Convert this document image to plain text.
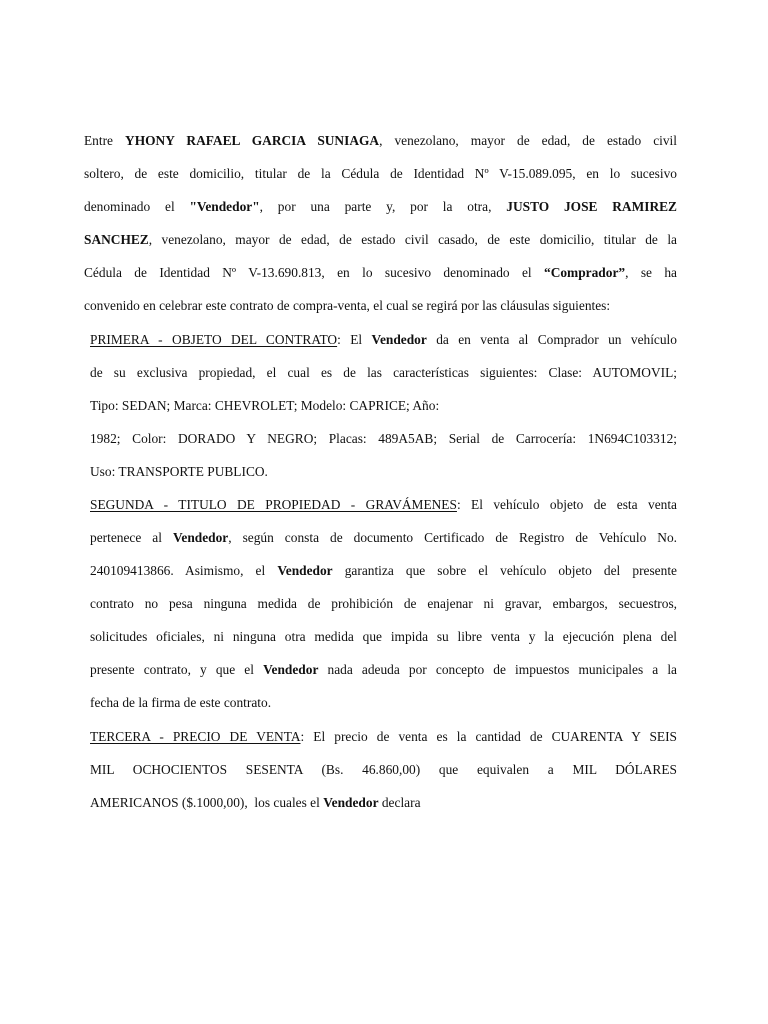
Entre YHONY RAFAEL GARCIA SUNIAGA, venezolano, mayor de edad, de estado civil
soltero, de este domicilio, titular de la Cédula de Identidad Nº V-15.089.095, en lo sucesivo
denominado el "Vendedor", por una parte y, por la otra, JUSTO JOSE RAMIREZ
SANCHEZ, venezolano, mayor de edad, de estado civil casado, de este domicilio, titular de la
Cédula de Identidad Nº V-13.690.813, en lo sucesivo denominado el “Comprador”, se ha
convenido en celebrar este contrato de compra-venta, el cual se regirá por las cláusulas siguientes:
PRIMERA - OBJETO DEL CONTRATO: El Vendedor da en venta al Comprador un vehículo
de su exclusiva propiedad, el cual es de las características siguientes: Clase: AUTOMOVIL;
Tipo: SEDAN; Marca: CHEVROLET; Modelo: CAPRICE; Año:
1982; Color: DORADO Y NEGRO; Placas: 489A5AB; Serial de Carrocería: 1N694C103312;
Uso: TRANSPORTE PUBLICO.
SEGUNDA - TITULO DE PROPIEDAD - GRAVÁMENES: El vehículo objeto de esta venta
pertenece al Vendedor, según consta de documento Certificado de Registro de Vehículo No.
240109413866. Asimismo, el Vendedor garantiza que sobre el vehículo objeto del presente
contrato no pesa ninguna medida de prohibición de enajenar ni gravar, embargos, secuestros,
solicitudes oficiales, ni ninguna otra medida que impida su libre venta y la ejecución plena del
presente contrato, y que el Vendedor nada adeuda por concepto de impuestos municipales a la
fecha de la firma de este contrato.
TERCERA - PRECIO DE VENTA: El precio de venta es la cantidad de CUARENTA Y SEIS
MIL OCHOCIENTOS SESENTA (Bs. 46.860,00) que equivalen a MIL DÓLARES
AMERICANOS ($.1000,00),  los cuales el Vendedor declara
